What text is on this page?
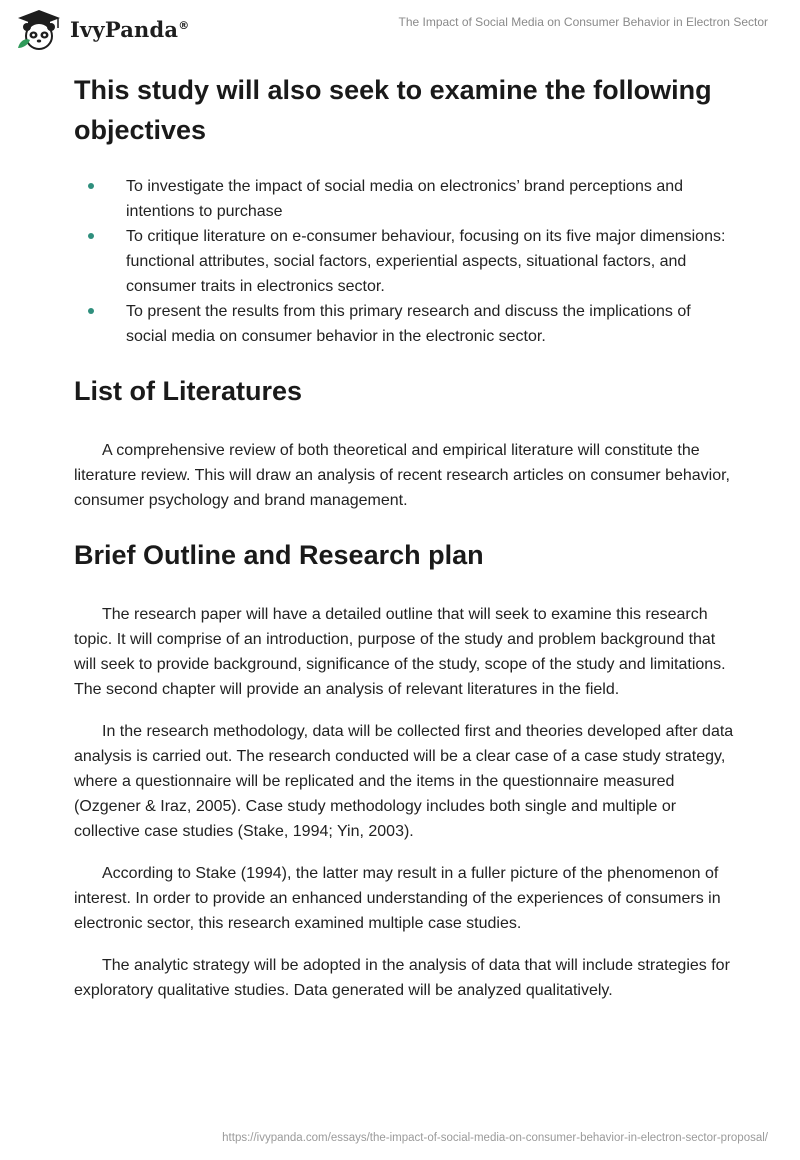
IvyPanda®	The Impact of Social Media on Consumer Behavior in Electron Sector
This study will also seek to examine the following objectives
To investigate the impact of social media on electronics’ brand perceptions and intentions to purchase
To critique literature on e-consumer behaviour, focusing on its five major dimensions: functional attributes, social factors, experiential aspects, situational factors, and consumer traits in electronics sector.
To present the results from this primary research and discuss the implications of social media on consumer behavior in the electronic sector.
List of Literatures

A comprehensive review of both theoretical and empirical literature will constitute the literature review. This will draw an analysis of recent research articles on consumer behavior, consumer psychology and brand management.

Brief Outline and Research plan

The research paper will have a detailed outline that will seek to examine this research topic. It will comprise of an introduction, purpose of the study and problem background that will seek to provide background, significance of the study, scope of the study and limitations. The second chapter will provide an analysis of relevant literatures in the field.

In the research methodology, data will be collected first and theories developed after data analysis is carried out. The research conducted will be a clear case of a case study strategy, where a questionnaire will be replicated and the items in the questionnaire measured (Ozgener & Iraz, 2005). Case study methodology includes both single and multiple or collective case studies (Stake, 1994; Yin, 2003).

According to Stake (1994), the latter may result in a fuller picture of the phenomenon of interest. In order to provide an enhanced understanding of the experiences of consumers in electronic sector, this research examined multiple case studies.

The analytic strategy will be adopted in the analysis of data that will include strategies for exploratory qualitative studies. Data generated will be analyzed qualitatively.

https://ivypanda.com/essays/the-impact-of-social-media-on-consumer-behavior-in-electron-sector-proposal/
